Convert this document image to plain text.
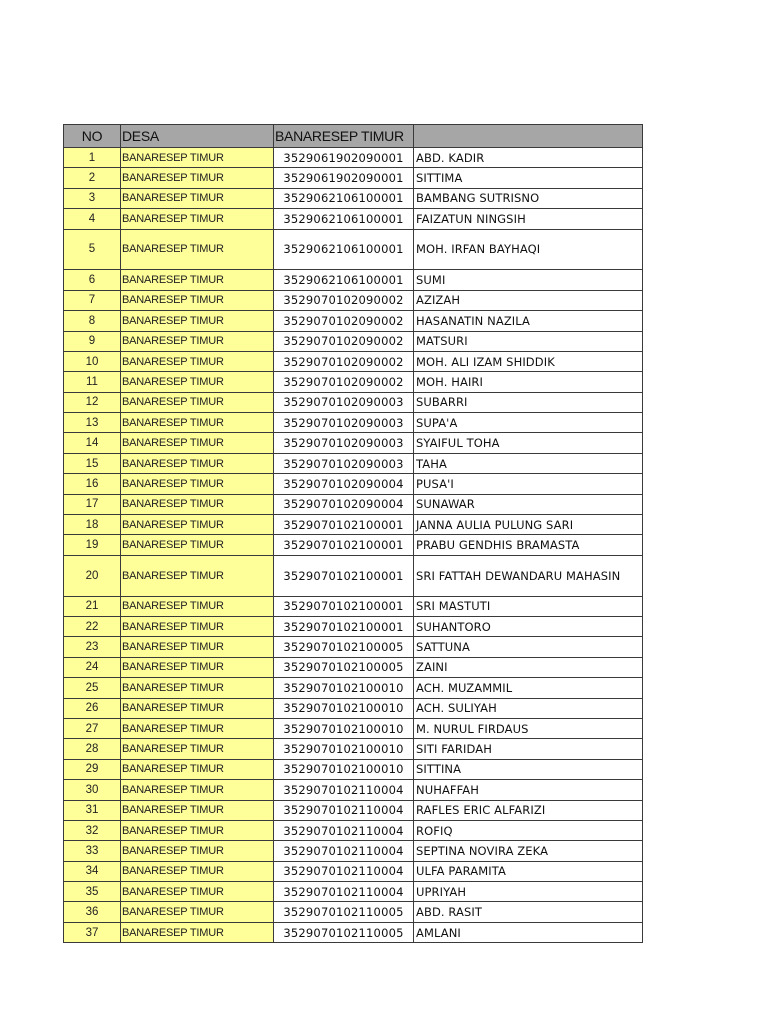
NO	DESA	BANARESEP TIMUR	
1	BANARESEP TIMUR	3529061902090001	ABD. KADIR
2	BANARESEP TIMUR	3529061902090001	SITTIMA
3	BANARESEP TIMUR	3529062106100001	BAMBANG SUTRISNO
4	BANARESEP TIMUR	3529062106100001	FAIZATUN NINGSIH
5	BANARESEP TIMUR	3529062106100001	MOH. IRFAN BAYHAQI
6	BANARESEP TIMUR	3529062106100001	SUMI
7	BANARESEP TIMUR	3529070102090002	AZIZAH
8	BANARESEP TIMUR	3529070102090002	HASANATIN NAZILA
9	BANARESEP TIMUR	3529070102090002	MATSURI
10	BANARESEP TIMUR	3529070102090002	MOH. ALI IZAM SHIDDIK
11	BANARESEP TIMUR	3529070102090002	MOH. HAIRI
12	BANARESEP TIMUR	3529070102090003	SUBARRI
13	BANARESEP TIMUR	3529070102090003	SUPA'A
14	BANARESEP TIMUR	3529070102090003	SYAIFUL TOHA
15	BANARESEP TIMUR	3529070102090003	TAHA
16	BANARESEP TIMUR	3529070102090004	PUSA'I
17	BANARESEP TIMUR	3529070102090004	SUNAWAR
18	BANARESEP TIMUR	3529070102100001	JANNA AULIA PULUNG SARI
19	BANARESEP TIMUR	3529070102100001	PRABU GENDHIS BRAMASTA
20	BANARESEP TIMUR	3529070102100001	SRI FATTAH DEWANDARU MAHASIN
21	BANARESEP TIMUR	3529070102100001	SRI MASTUTI
22	BANARESEP TIMUR	3529070102100001	SUHANTORO
23	BANARESEP TIMUR	3529070102100005	SATTUNA
24	BANARESEP TIMUR	3529070102100005	ZAINI
25	BANARESEP TIMUR	3529070102100010	ACH. MUZAMMIL
26	BANARESEP TIMUR	3529070102100010	ACH. SULIYAH
27	BANARESEP TIMUR	3529070102100010	M. NURUL FIRDAUS
28	BANARESEP TIMUR	3529070102100010	SITI FARIDAH
29	BANARESEP TIMUR	3529070102100010	SITTINA
30	BANARESEP TIMUR	3529070102110004	NUHAFFAH
31	BANARESEP TIMUR	3529070102110004	RAFLES ERIC ALFARIZI
32	BANARESEP TIMUR	3529070102110004	ROFIQ
33	BANARESEP TIMUR	3529070102110004	SEPTINA NOVIRA ZEKA
34	BANARESEP TIMUR	3529070102110004	ULFA PARAMITA
35	BANARESEP TIMUR	3529070102110004	UPRIYAH
36	BANARESEP TIMUR	3529070102110005	ABD. RASIT
37	BANARESEP TIMUR	3529070102110005	AMLANI
